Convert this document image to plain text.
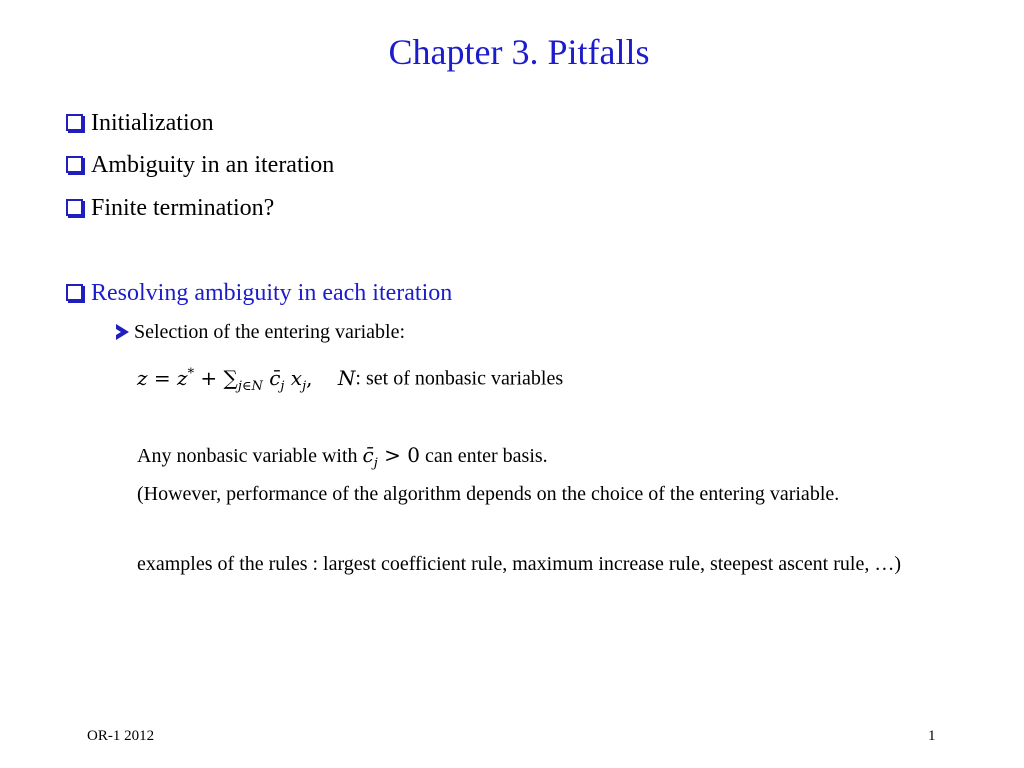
Chapter 3. Pitfalls
Initialization
Ambiguity in an iteration
Finite termination?
Resolving ambiguity in each iteration
Selection of the entering variable:
$z = z^* + \sum_{j\in N}$ $c̄_j$ $x_j$, N: set of nonbasic variables
Any nonbasic variable with $c̄_j > 0$ can enter basis.
(However, performance of the algorithm depends on the choice of the entering variable.
examples of the rules : largest coefficient rule, maximum increase rule, steepest ascent rule, …)
OR-1 2012	1
